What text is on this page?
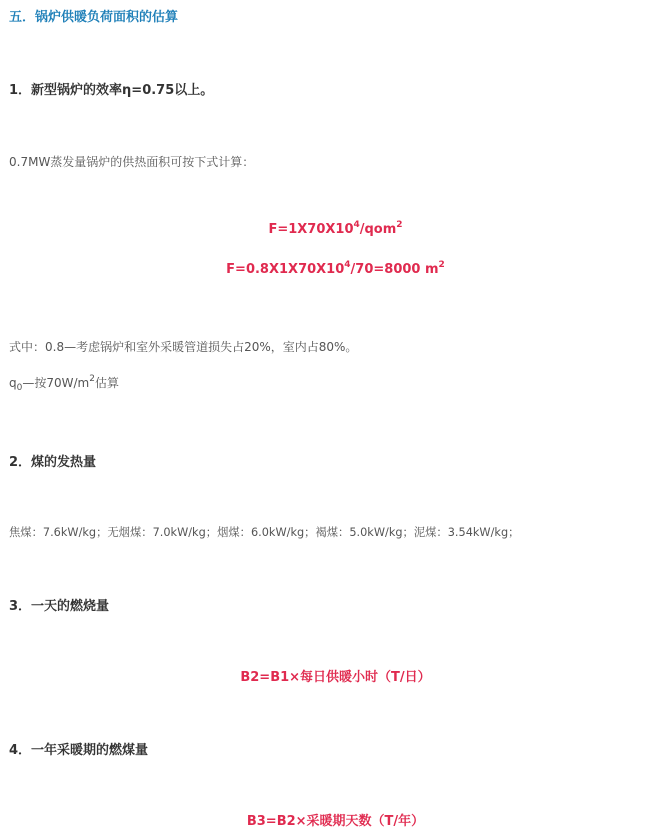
五．锅炉供暖负荷面积的估算
1．新型锅炉的效率η=0.75以上。
0.7MW蒸发量锅炉的供热面积可按下式计算：
$F=1X70X10^4/qom^2$
$F=0.8X1X70X10^4/70=8000$ $m^2$
式中：0.8—考虑锅炉和室外采暖管道损失占20%，室内占80%。
$q_0—$按$70W/m^2$估算
2．煤的发热量
焦煤：7.6kW/kg；无烟煤：7.0kW/kg；烟煤：6.0kW/kg；褐煤：5.0kW/kg；泥煤：3.54kW/kg；
3．一天的燃烧量
B2=B1×每日供暖小时（T/日）
4．一年采暖期的燃煤量
B3=B2×采暖期天数（T/年）
